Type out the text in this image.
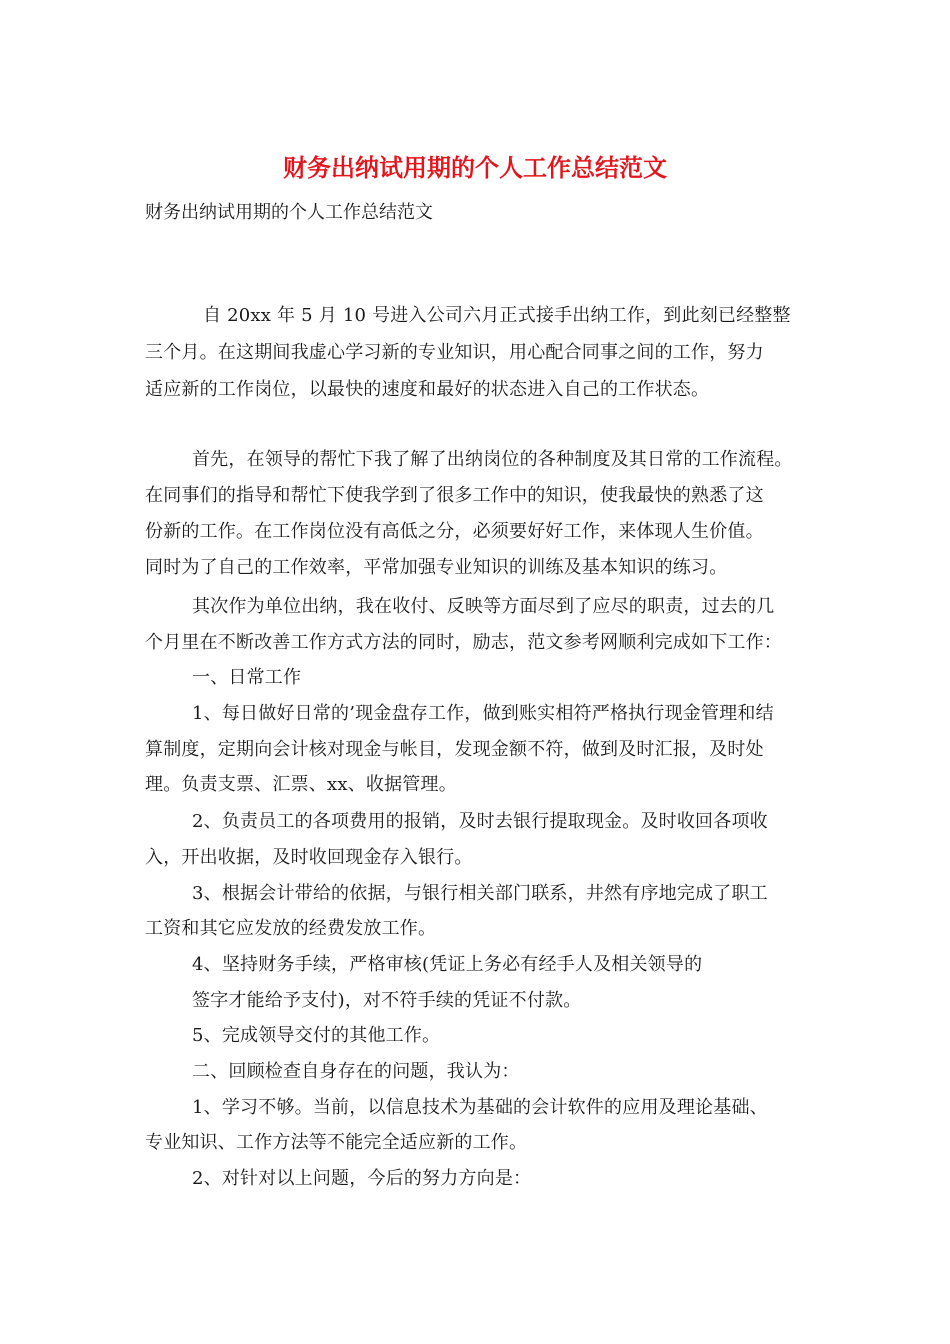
财务出纳试用期的个人工作总结范文
财务出纳试用期的个人工作总结范文
自 20xx 年 5 月 10 号进入公司六月正式接手出纳工作，到此刻已经整整
三个月。在这期间我虚心学习新的专业知识，用心配合同事之间的工作，努力
适应新的工作岗位，以最快的速度和最好的状态进入自己的工作状态。
首先，在领导的帮忙下我了解了出纳岗位的各种制度及其日常的工作流程。
在同事们的指导和帮忙下使我学到了很多工作中的知识，使我最快的熟悉了这
份新的工作。在工作岗位没有高低之分，必须要好好工作，来体现人生价值。
同时为了自己的工作效率，平常加强专业知识的训练及基本知识的练习。
其次作为单位出纳，我在收付、反映等方面尽到了应尽的职责，过去的几
个月里在不断改善工作方式方法的同时，励志，范文参考网顺利完成如下工作：
一、日常工作
1、每日做好日常的’现金盘存工作，做到账实相符严格执行现金管理和结
算制度，定期向会计核对现金与帐目，发现金额不符，做到及时汇报，及时处
理。负责支票、汇票、xx、收据管理。
2、负责员工的各项费用的报销，及时去银行提取现金。及时收回各项收
入，开出收据，及时收回现金存入银行。
3、根据会计带给的依据，与银行相关部门联系，井然有序地完成了职工
工资和其它应发放的经费发放工作。
4、坚持财务手续，严格审核(凭证上务必有经手人及相关领导的
签字才能给予支付)，对不符手续的凭证不付款。
5、完成领导交付的其他工作。
二、回顾检查自身存在的问题，我认为：
1、学习不够。当前，以信息技术为基础的会计软件的应用及理论基础、
专业知识、工作方法等不能完全适应新的工作。
2、对针对以上问题，今后的努力方向是：
